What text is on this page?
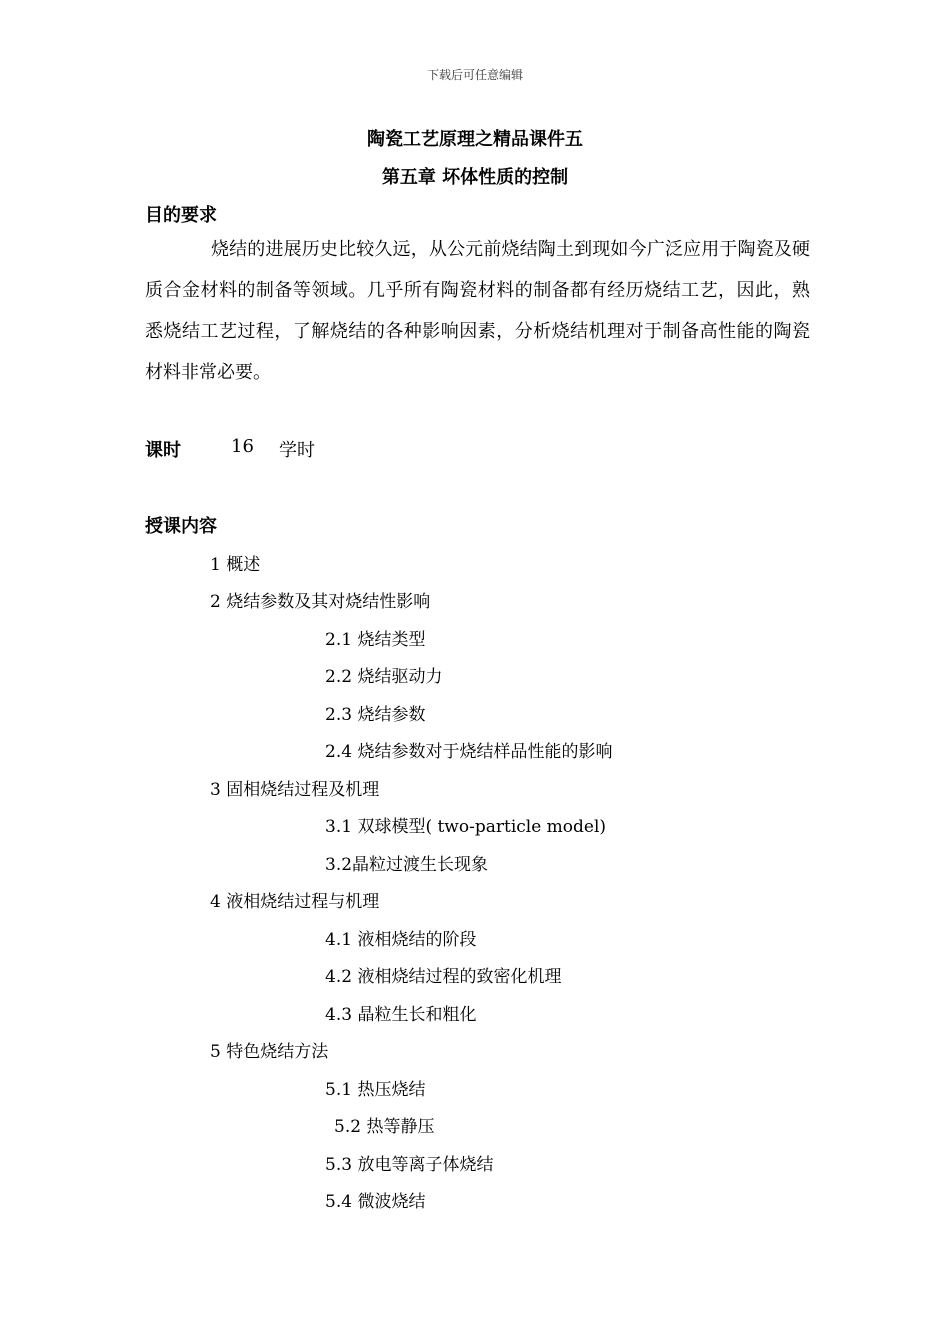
下载后可任意编辑
陶瓷工艺原理之精品课件五
第五章 坏体性质的控制
目的要求

烧结的进展历史比较久远，从公元前烧结陶土到现如今广泛应用于陶瓷及硬质合金材料的制备等领域。几乎所有陶瓷材料的制备都有经历烧结工艺，因此，熟悉烧结工艺过程，了解烧结的各种影响因素，分析烧结机理对于制备高性能的陶瓷材料非常必要。

课时	16 学时
授课内容
1 概述
2 烧结参数及其对烧结性影响
2.1 烧结类型
2.2 烧结驱动力
2.3 烧结参数
2.4 烧结参数对于烧结样品性能的影响
3 固相烧结过程及机理
3.1 双球模型( two-particle model)
3.2晶粒过渡生长现象
4 液相烧结过程与机理
4.1 液相烧结的阶段
4.2 液相烧结过程的致密化机理
4.3 晶粒生长和粗化
5 特色烧结方法
5.1 热压烧结
5.2 热等静压
5.3 放电等离子体烧结
5.4 微波烧结
